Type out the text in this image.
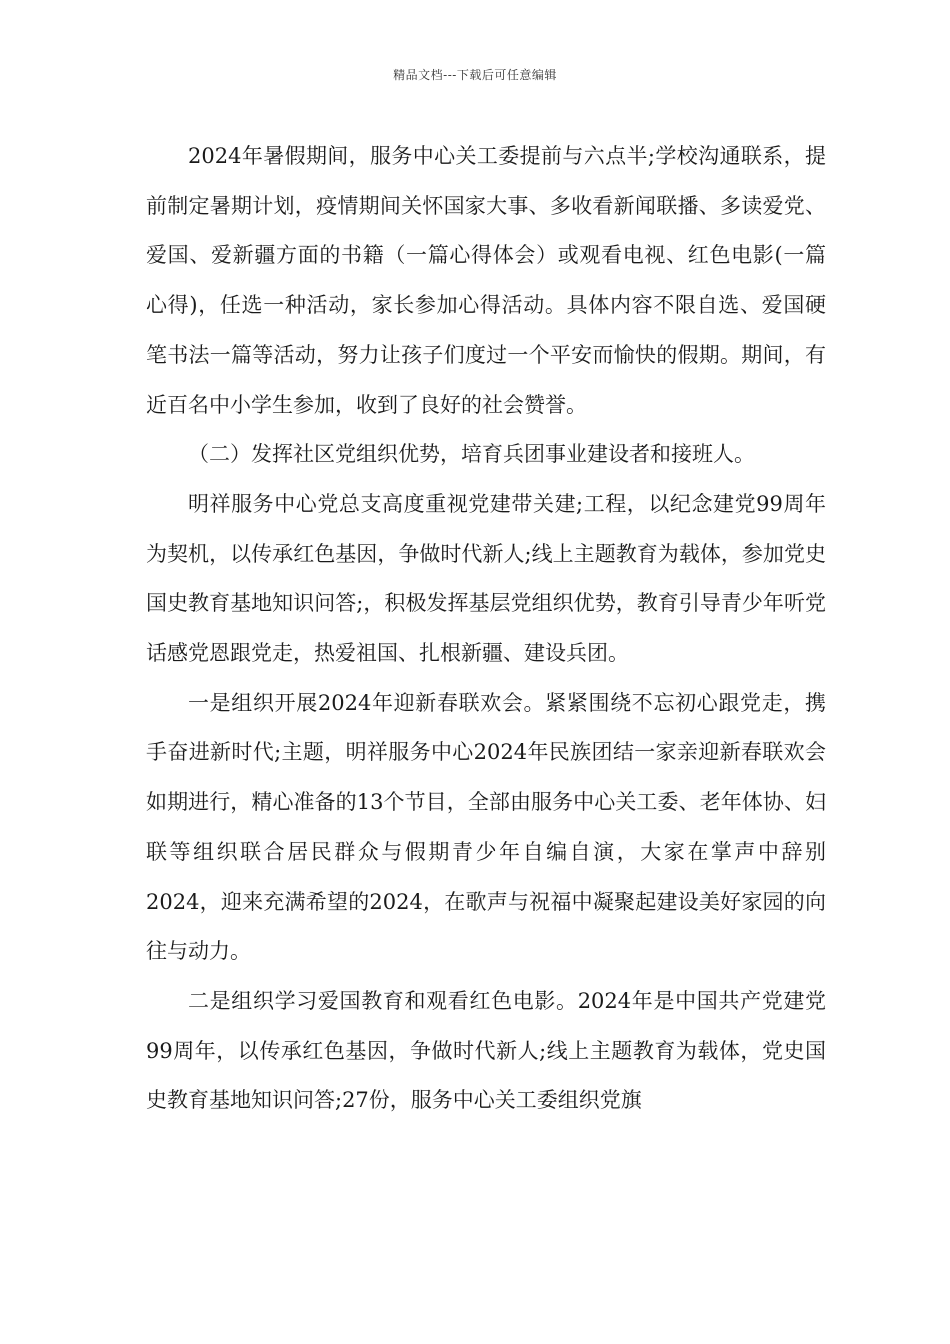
精品文档---下载后可任意编辑

2024年暑假期间，服务中心关工委提前与六点半;学校沟通联系，提前制定暑期计划，疫情期间关怀国家大事、多收看新闻联播、多读爱党、爱国、爱新疆方面的书籍（一篇心得体会）或观看电视、红色电影(一篇心得)，任选一种活动，家长参加心得活动。具体内容不限自选、爱国硬笔书法一篇等活动，努力让孩子们度过一个平安而愉快的假期。期间，有近百名中小学生参加，收到了良好的社会赞誉。

（二）发挥社区党组织优势，培育兵团事业建设者和接班人。

明祥服务中心党总支高度重视党建带关建;工程，以纪念建党99周年为契机，以传承红色基因，争做时代新人;线上主题教育为载体，参加党史国史教育基地知识问答;，积极发挥基层党组织优势，教育引导青少年听党话感党恩跟党走，热爱祖国、扎根新疆、建设兵团。

一是组织开展2024年迎新春联欢会。紧紧围绕不忘初心跟党走，携手奋进新时代;主题，明祥服务中心2024年民族团结一家亲迎新春联欢会如期进行，精心准备的13个节目，全部由服务中心关工委、老年体协、妇联等组织联合居民群众与假期青少年自编自演，大家在掌声中辞别2024，迎来充满希望的2024，在歌声与祝福中凝聚起建设美好家园的向往与动力。

二是组织学习爱国教育和观看红色电影。2024年是中国共产党建党99周年，以传承红色基因，争做时代新人;线上主题教育为载体，党史国史教育基地知识问答;27份，服务中心关工委组织党旗
